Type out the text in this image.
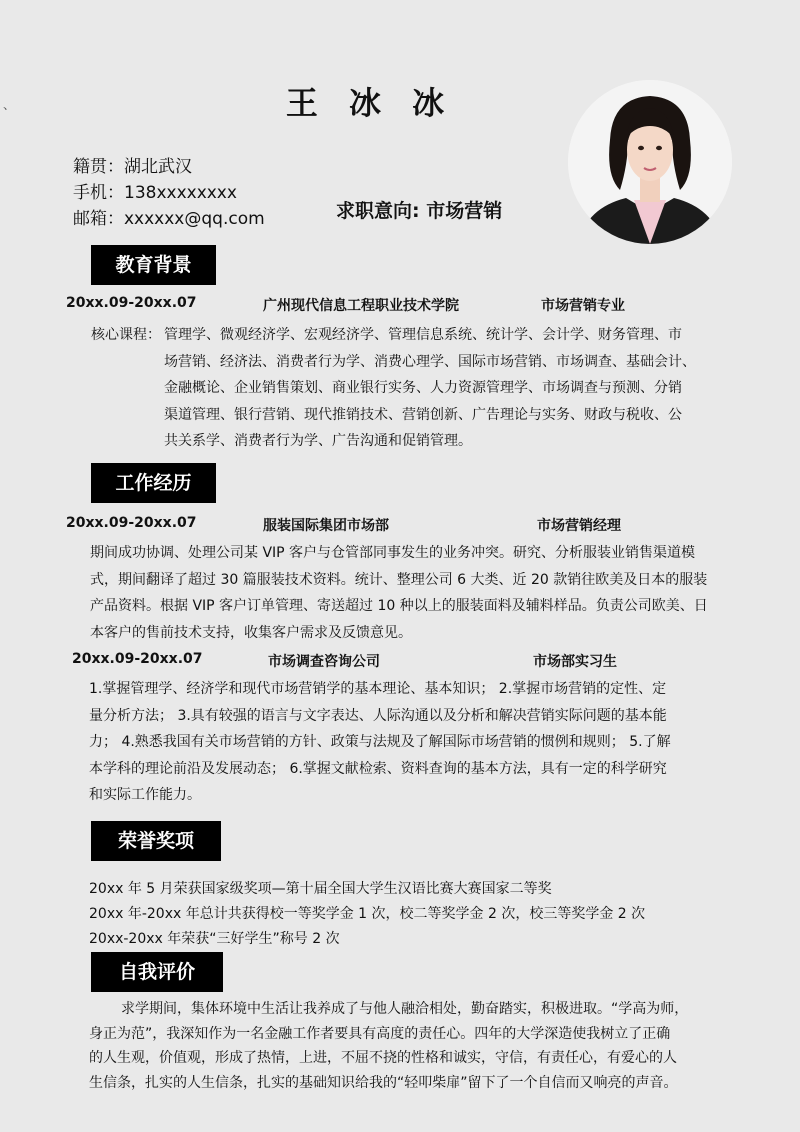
、	王 冰 冰
籍贯：湖北武汉
手机：138xxxxxxxx
邮箱：xxxxxx@qq.com	求职意向: 市场营销
教育背景
20xx.09-20xx.07	广州现代信息工程职业技术学院	市场营销专业
核心课程： 管理学、微观经济学、宏观经济学、管理信息系统、统计学、会计学、财务管理、市
场营销、经济法、消费者行为学、消费心理学、国际市场营销、市场调查、基础会计、
金融概论、企业销售策划、商业银行实务、人力资源管理学、市场调查与预测、分销
渠道管理、银行营销、现代推销技术、营销创新、广告理论与实务、财政与税收、公
共关系学、消费者行为学、广告沟通和促销管理。
工作经历
20xx.09-20xx.07	服装国际集团市场部	市场营销经理
期间成功协调、处理公司某 VIP 客户与仓管部同事发生的业务冲突。研究、分析服装业销售渠道模
式，期间翻译了超过 30 篇服装技术资料。统计、整理公司 6 大类、近 20 款销往欧美及日本的服装
产品资料。根据 VIP 客户订单管理、寄送超过 10 种以上的服装面料及辅料样品。负责公司欧美、日
本客户的售前技术支持，收集客户需求及反馈意见。
20xx.09-20xx.07	市场调查咨询公司	市场部实习生
1.掌握管理学、经济学和现代市场营销学的基本理论、基本知识； 2.掌握市场营销的定性、定
量分析方法； 3.具有较强的语言与文字表达、人际沟通以及分析和解决营销实际问题的基本能
力； 4.熟悉我国有关市场营销的方针、政策与法规及了解国际市场营销的惯例和规则； 5.了解
本学科的理论前沿及发展动态； 6.掌握文献检索、资料查询的基本方法，具有一定的科学研究
和实际工作能力。
荣誉奖项
20xx 年 5 月荣获国家级奖项—第十届全国大学生汉语比赛大赛国家二等奖
20xx 年-20xx 年总计共获得校一等奖学金 1 次，校二等奖学金 2 次，校三等奖学金 2 次
20xx-20xx 年荣获“三好学生”称号 2 次
自我评价
求学期间，集体环境中生活让我养成了与他人融洽相处，勤奋踏实，积极进取。“学高为师，
身正为范”，我深知作为一名金融工作者要具有高度的责任心。四年的大学深造使我树立了正确
的人生观，价值观，形成了热情，上进，不屈不挠的性格和诚实，守信，有责任心，有爱心的人
生信条，扎实的人生信条，扎实的基础知识给我的“轻叩柴扉”留下了一个自信而又响亮的声音。
